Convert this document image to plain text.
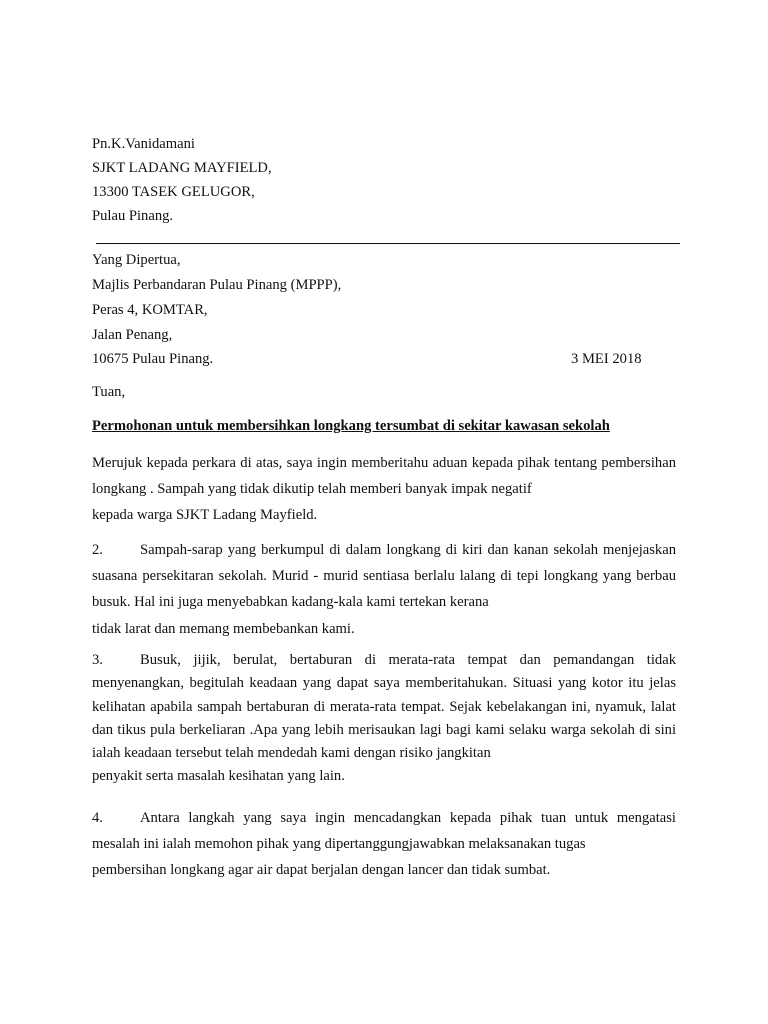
Pn.K.Vanidamani
SJKT LADANG MAYFIELD,
13300 TASEK GELUGOR,
Pulau Pinang.
Yang Dipertua,
Majlis Perbandaran Pulau Pinang (MPPP),
Peras 4, KOMTAR,
Jalan Penang,
10675 Pulau Pinang.	3 MEI 2018
Tuan,
Permohonan untuk membersihkan longkang tersumbat di sekitar kawasan sekolah

Merujuk kepada perkara di atas, saya ingin memberitahu aduan kepada pihak tentang pembersihan longkang . Sampah yang tidak dikutip telah memberi banyak impak negatif
kepada warga SJKT Ladang Mayfield.

2.	Sampah-sarap yang berkumpul di dalam longkang di kiri dan kanan sekolah menjejaskan suasana persekitaran sekolah. Murid - murid sentiasa berlalu lalang di tepi longkang yang berbau busuk. Hal ini juga menyebabkan kadang-kala kami tertekan kerana
tidak larat dan memang membebankan kami.

3.	Busuk, jijik, berulat, bertaburan di merata-rata tempat dan pemandangan tidak menyenangkan, begitulah keadaan yang dapat saya memberitahukan. Situasi yang kotor itu jelas kelihatan apabila sampah bertaburan di merata-rata tempat. Sejak kebelakangan ini, nyamuk, lalat dan tikus pula berkeliaran .Apa yang lebih merisaukan lagi bagi kami selaku warga sekolah di sini ialah keadaan tersebut telah mendedah kami dengan risiko jangkitan
penyakit serta masalah kesihatan yang lain.

4.	Antara langkah yang saya ingin mencadangkan kepada pihak tuan untuk mengatasi mesalah ini ialah memohon pihak yang dipertanggungjawabkan melaksanakan tugas
pembersihan longkang agar air dapat berjalan dengan lancer dan tidak sumbat.
